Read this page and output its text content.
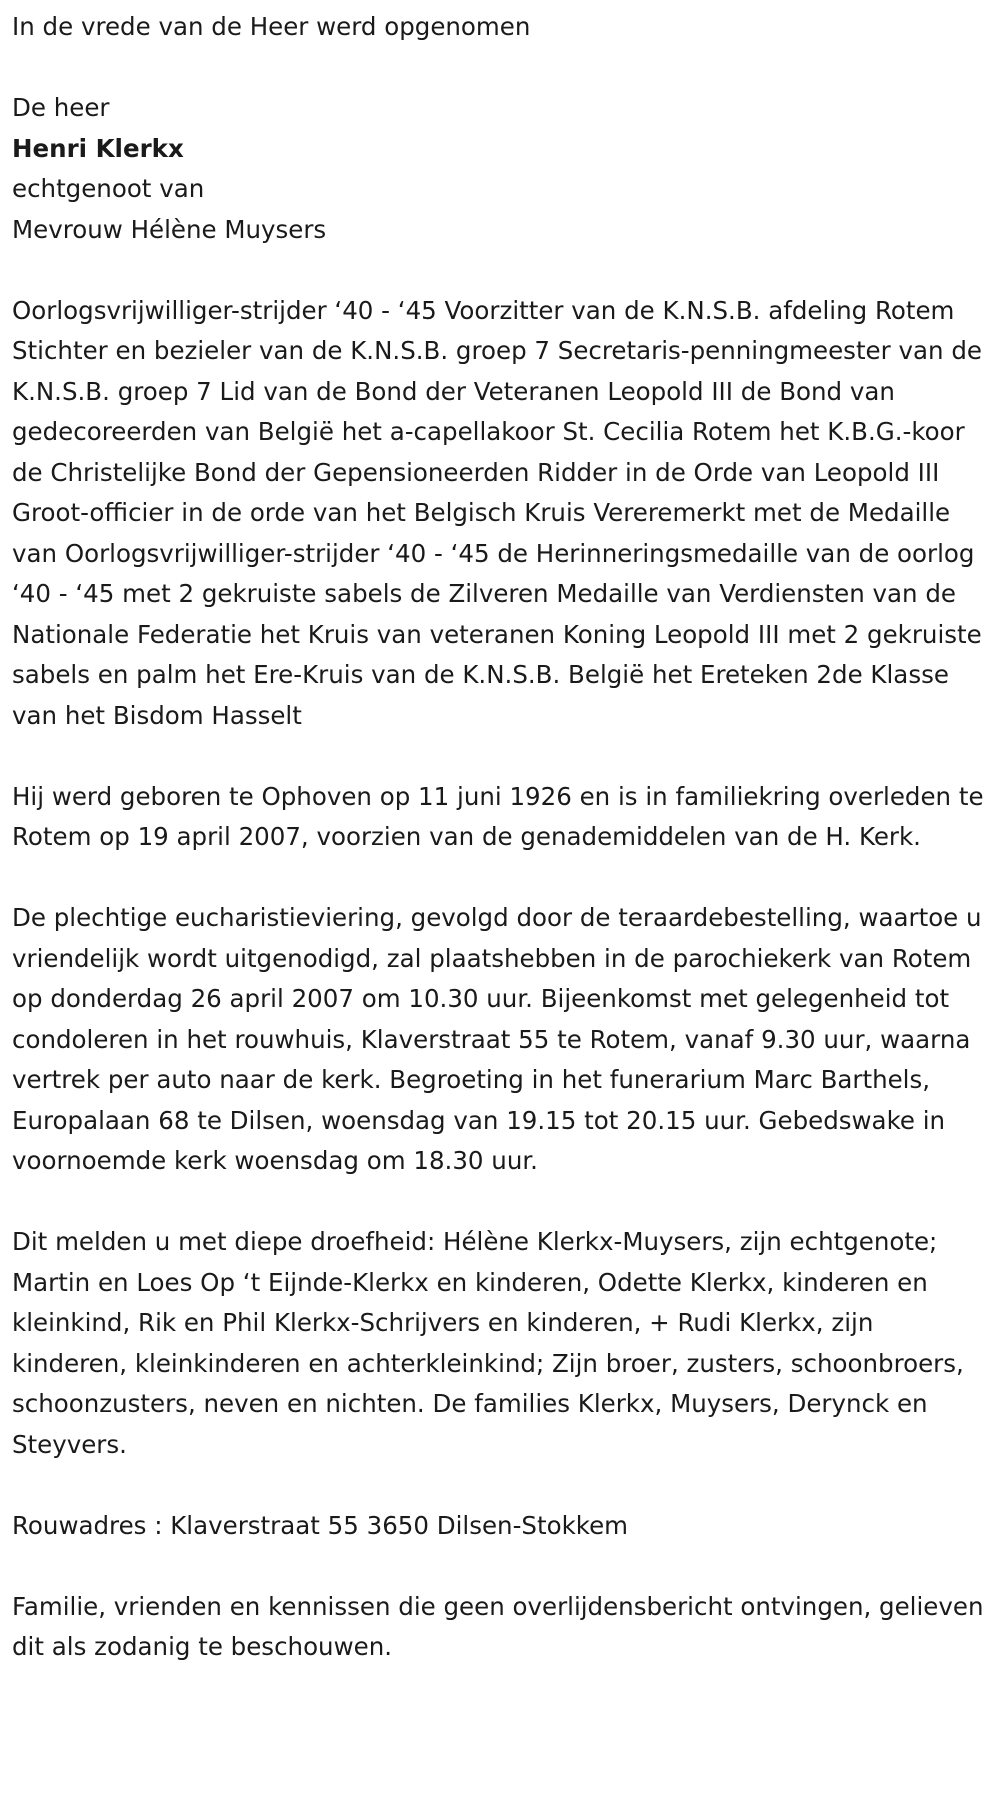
In de vrede van de Heer werd opgenomen
De heer
Henri Klerkx
echtgenoot van
Mevrouw Hélène Muysers

Oorlogsvrijwilliger-strijder ‘40 - ‘45 Voorzitter van de K.N.S.B. afdeling Rotem Stichter en bezieler van de K.N.S.B. groep 7 Secretaris-penningmeester van de K.N.S.B. groep 7 Lid van de Bond der Veteranen Leopold III de Bond van gedecoreerden van België het a-capellakoor St. Cecilia Rotem het K.B.G.-koor de Christelijke Bond der Gepensioneerden Ridder in de Orde van Leopold III Groot-officier in de orde van het Belgisch Kruis Vereremerkt met de Medaille van Oorlogsvrijwilliger-strijder ‘40 - ‘45 de Herinneringsmedaille van de oorlog ‘40 - ‘45 met 2 gekruiste sabels de Zilveren Medaille van Verdiensten van de Nationale Federatie het Kruis van veteranen Koning Leopold III met 2 gekruiste sabels en palm het Ere-Kruis van de K.N.S.B. België het Ereteken 2de Klasse van het Bisdom Hasselt

Hij werd geboren te Ophoven op 11 juni 1926 en is in familiekring overleden te Rotem op 19 april 2007, voorzien van de genademiddelen van de H. Kerk.

De plechtige eucharistieviering, gevolgd door de teraardebestelling, waartoe u vriendelijk wordt uitgenodigd, zal plaatshebben in de parochiekerk van Rotem op donderdag 26 april 2007 om 10.30 uur. Bijeenkomst met gelegenheid tot condoleren in het rouwhuis, Klaverstraat 55 te Rotem, vanaf 9.30 uur, waarna vertrek per auto naar de kerk. Begroeting in het funerarium Marc Barthels, Europalaan 68 te Dilsen, woensdag van 19.15 tot 20.15 uur. Gebedswake in voornoemde kerk woensdag om 18.30 uur.

Dit melden u met diepe droefheid: Hélène Klerkx-Muysers, zijn echtgenote; Martin en Loes Op ‘t Eijnde-Klerkx en kinderen, Odette Klerkx, kinderen en kleinkind, Rik en Phil Klerkx-Schrijvers en kinderen, + Rudi Klerkx, zijn kinderen, kleinkinderen en achterkleinkind; Zijn broer, zusters, schoonbroers, schoonzusters, neven en nichten. De families Klerkx, Muysers, Derynck en Steyvers.

Rouwadres : Klaverstraat 55 3650 Dilsen-Stokkem

Familie, vrienden en kennissen die geen overlijdensbericht ontvingen, gelieven dit als zodanig te beschouwen.
